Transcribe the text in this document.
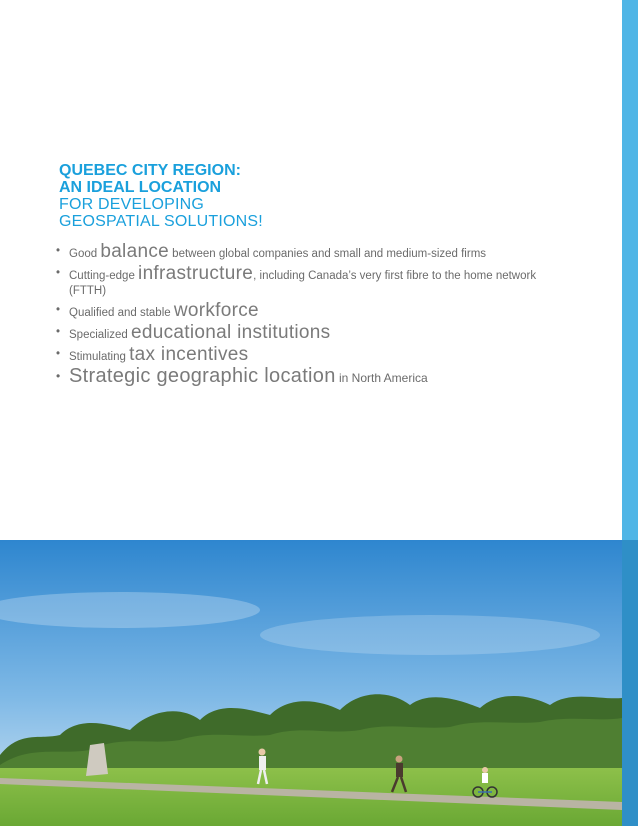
QUEBEC CITY REGION:
AN IDEAL LOCATION
FOR DEVELOPING
GEOSPATIAL SOLUTIONS!
• Good balance between global companies and small and medium-sized firms
• Cutting-edge infrastructure, including Canada’s very first fibre to the home network (FTTH)
• Qualified and stable workforce
• Specialized educational institutions
• Stimulating tax incentives
• Strategic geographic location in North America
